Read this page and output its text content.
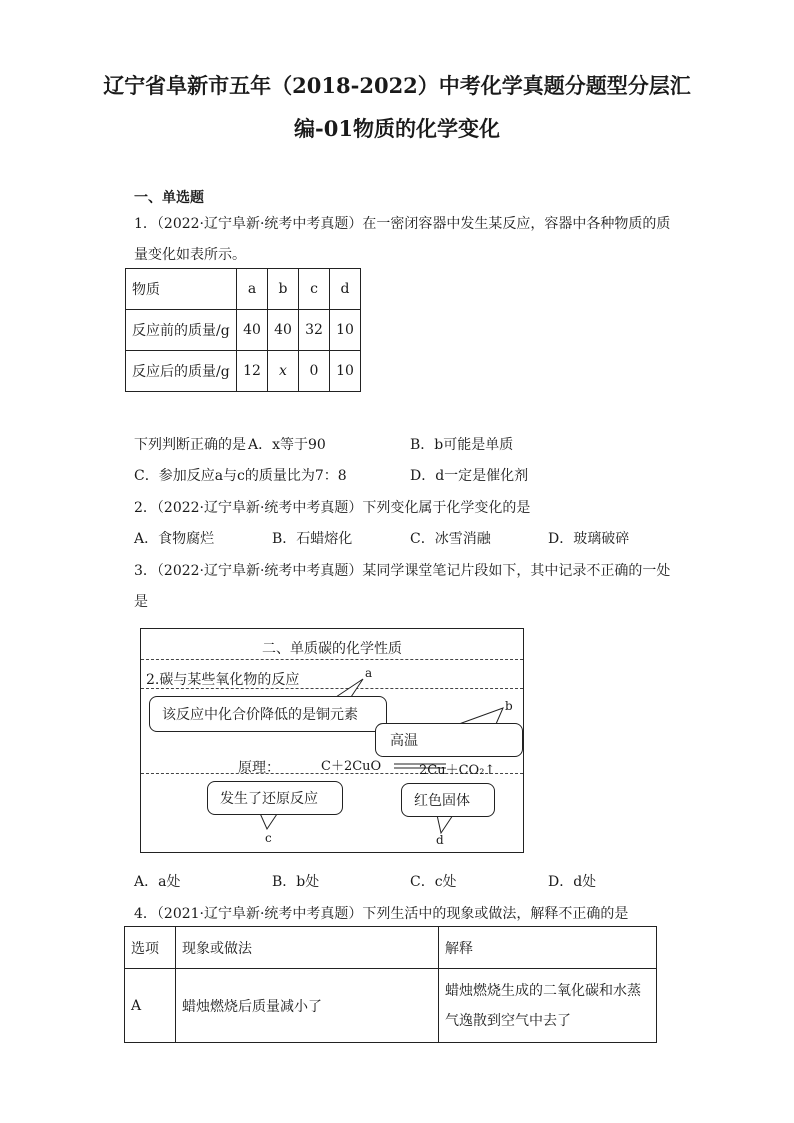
辽宁省阜新市五年（2018-2022）中考化学真题分题型分层汇
编-01物质的化学变化
一、单选题
1．（2022·辽宁阜新·统考中考真题）在一密闭容器中发生某反应，容器中各种物质的质
量变化如表所示。
物质	a	b	c	d
反应前的质量/g	40	40	32	10
反应后的质量/g	12	x	0	10
下列判断正确的是 A．x等于90	B．b可能是单质
C．参加反应a与c的质量比为7：8	D．d一定是催化剂
2．（2022·辽宁阜新·统考中考真题）下列变化属于化学变化的是
A．食物腐烂	B．石蜡熔化	C．冰雪消融	D．玻璃破碎
3．（2022·辽宁阜新·统考中考真题）某同学课堂笔记片段如下，其中记录不正确的一处
是
二、单质碳的化学性质
2.碳与某些氧化物的反应	a
b
c	d
该反应中化合价降低的是铜元素
高温
原理：	C＋2CuO	2Cu＋CO₂↑
发生了还原反应	红色固体
A．a处	B．b处	C．c处	D．d处
4．（2021·辽宁阜新·统考中考真题）下列生活中的现象或做法，解释不正确的是
选项	现象或做法	解释
A	蜡烛燃烧后质量减小了	蜡烛燃烧生成的二氧化碳和水蒸
气逸散到空气中去了
